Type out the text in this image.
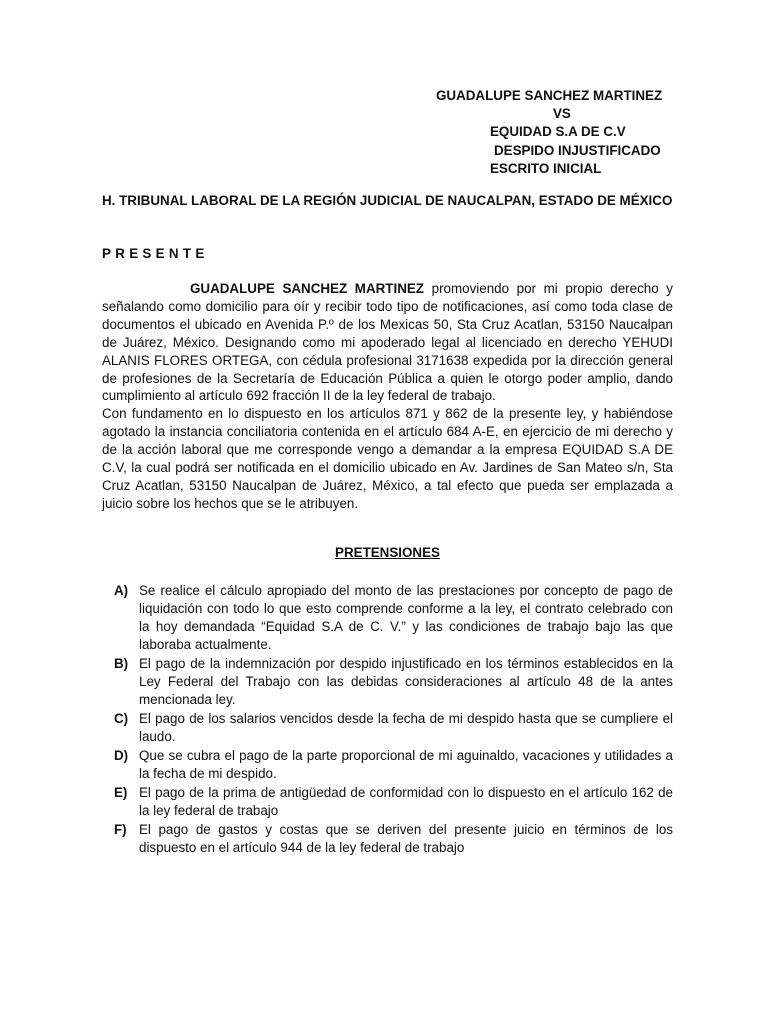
GUADALUPE SANCHEZ MARTINEZ
VS
EQUIDAD S.A DE C.V
DESPIDO INJUSTIFICADO
ESCRITO INICIAL
H. TRIBUNAL LABORAL DE LA REGIÓN JUDICIAL DE NAUCALPAN, ESTADO DE MÉXICO
PRESENTE

GUADALUPE SANCHEZ MARTINEZ promoviendo por mi propio derecho y señalando como domicilio para oír y recibir todo tipo de notificaciones, así como toda clase de documentos el ubicado en Avenida P.º de los Mexicas 50, Sta Cruz Acatlan, 53150 Naucalpan de Juárez, México. Designando como mi apoderado legal al licenciado en derecho YEHUDI ALANIS FLORES ORTEGA, con cédula profesional 3171638 expedida por la dirección general de profesiones de la Secretaría de Educación Pública a quien le otorgo poder amplio, dando cumplimiento al artículo 692 fracción II de la ley federal de trabajo.

Con fundamento en lo dispuesto en los artículos 871 y 862 de la presente ley, y habiéndose agotado la instancia conciliatoria contenida en el artículo 684 A-E, en ejercicio de mi derecho y de la acción laboral que me corresponde vengo a demandar a la empresa EQUIDAD S.A DE C.V, la cual podrá ser notificada en el domicilio ubicado en Av. Jardines de San Mateo s/n, Sta Cruz Acatlan, 53150 Naucalpan de Juárez, México, a tal efecto que pueda ser emplazada a juicio sobre los hechos que se le atribuyen.

PRETENSIONES
A) Se realice el cálculo apropiado del monto de las prestaciones por concepto de pago de liquidación con todo lo que esto comprende conforme a la ley, el contrato celebrado con la hoy demandada “Equidad S.A de C. V.” y las condiciones de trabajo bajo las que laboraba actualmente.
B) El pago de la indemnización por despido injustificado en los términos establecidos en la Ley Federal del Trabajo con las debidas consideraciones al artículo 48 de la antes mencionada ley.
C) El pago de los salarios vencidos desde la fecha de mi despido hasta que se cumpliere el laudo.
D) Que se cubra el pago de la parte proporcional de mi aguinaldo, vacaciones y utilidades a la fecha de mi despido.
E) El pago de la prima de antigüedad de conformidad con lo dispuesto en el artículo 162 de la ley federal de trabajo
F) El pago de gastos y costas que se deriven del presente juicio en términos de los dispuesto en el artículo 944 de la ley federal de trabajo
